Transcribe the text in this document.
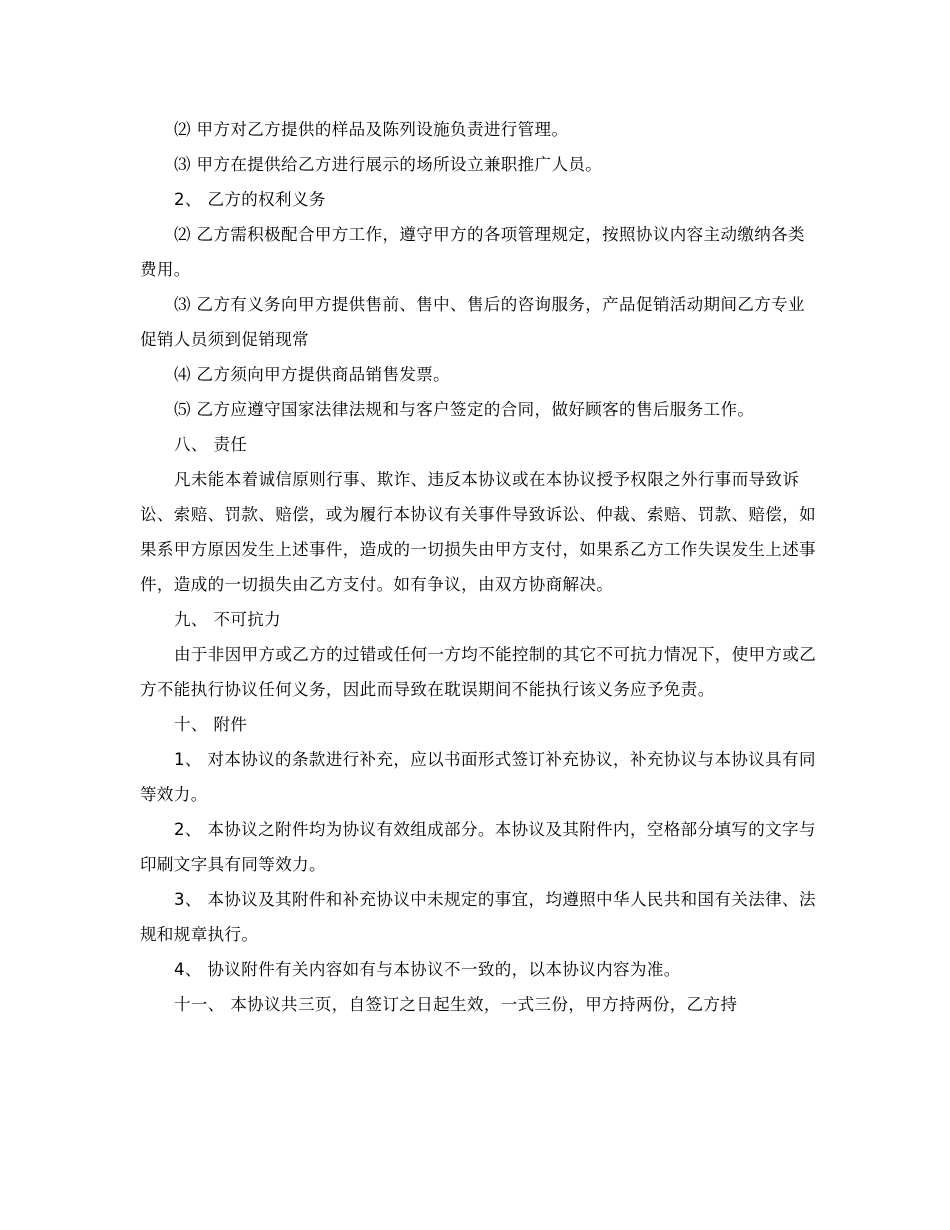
⑵ 甲方对乙方提供的样品及陈列设施负责进行管理。

⑶ 甲方在提供给乙方进行展示的场所设立兼职推广人员。

2、 乙方的权利义务

⑵ 乙方需积极配合甲方工作，遵守甲方的各项管理规定，按照协议内容主动缴纳各类费用。

⑶ 乙方有义务向甲方提供售前、售中、售后的咨询服务，产品促销活动期间乙方专业促销人员须到促销现常

⑷ 乙方须向甲方提供商品销售发票。

⑸ 乙方应遵守国家法律法规和与客户签定的合同，做好顾客的售后服务工作。

八、 责任

凡未能本着诚信原则行事、欺诈、违反本协议或在本协议授予权限之外行事而导致诉讼、索赔、罚款、赔偿，或为履行本协议有关事件导致诉讼、仲裁、索赔、罚款、赔偿，如果系甲方原因发生上述事件，造成的一切损失由甲方支付，如果系乙方工作失误发生上述事件，造成的一切损失由乙方支付。如有争议，由双方协商解决。

九、 不可抗力

由于非因甲方或乙方的过错或任何一方均不能控制的其它不可抗力情况下，使甲方或乙方不能执行协议任何义务，因此而导致在耽误期间不能执行该义务应予免责。

十、 附件

1、 对本协议的条款进行补充，应以书面形式签订补充协议，补充协议与本协议具有同等效力。

2、 本协议之附件均为协议有效组成部分。本协议及其附件内，空格部分填写的文字与印刷文字具有同等效力。

3、 本协议及其附件和补充协议中未规定的事宜，均遵照中华人民共和国有关法律、法规和规章执行。

4、 协议附件有关内容如有与本协议不一致的，以本协议内容为准。

十一、 本协议共三页，自签订之日起生效，一式三份，甲方持两份，乙方持
